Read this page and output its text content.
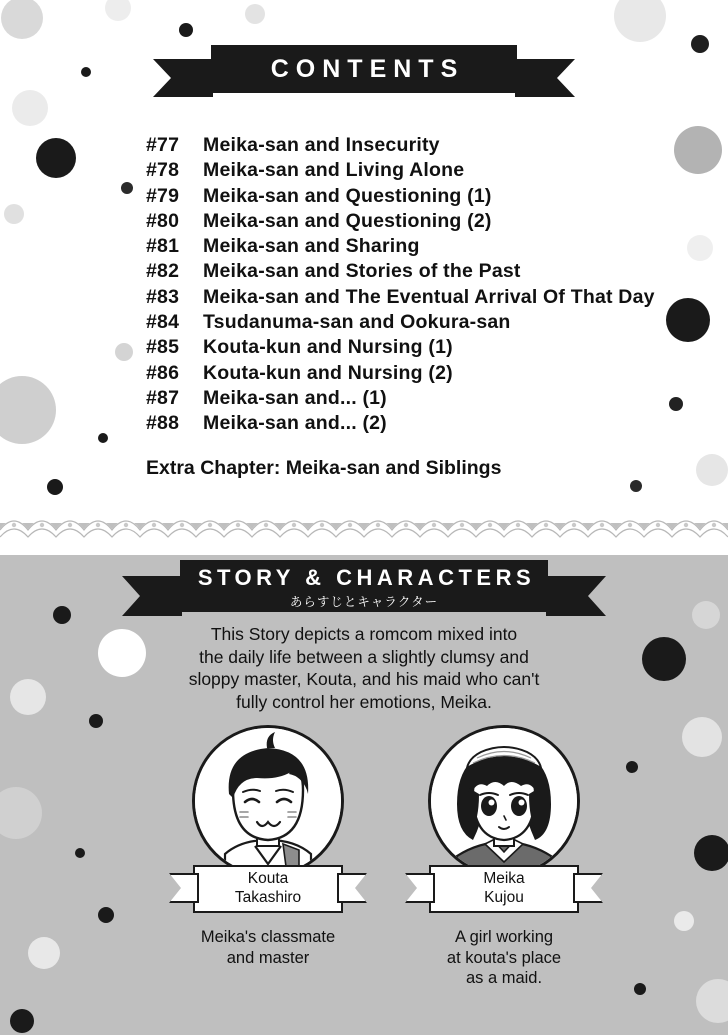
CONTENTS
#77	Meika-san and Insecurity
#78	Meika-san and Living Alone
#79	Meika-san and Questioning (1)
#80	Meika-san and Questioning (2)
#81	Meika-san and Sharing
#82	Meika-san and Stories of the Past
#83	Meika-san and The Eventual Arrival Of That Day
#84	Tsudanuma-san and Ookura-san
#85	Kouta-kun and Nursing (1)
#86	Kouta-kun and Nursing (2)
#87	Meika-san and... (1)
#88	Meika-san and... (2)
Extra Chapter: Meika-san and Siblings
STORY & CHARACTERS
あらすじとキャラクター
This Story depicts a romcom mixed into
the daily life between a slightly clumsy and
sloppy master, Kouta, and his maid who can't
fully control her emotions, Meika.
Kouta
Takashiro
Meika's classmate
and master
Meika
Kujou
A girl working
at kouta's place
as a maid.
